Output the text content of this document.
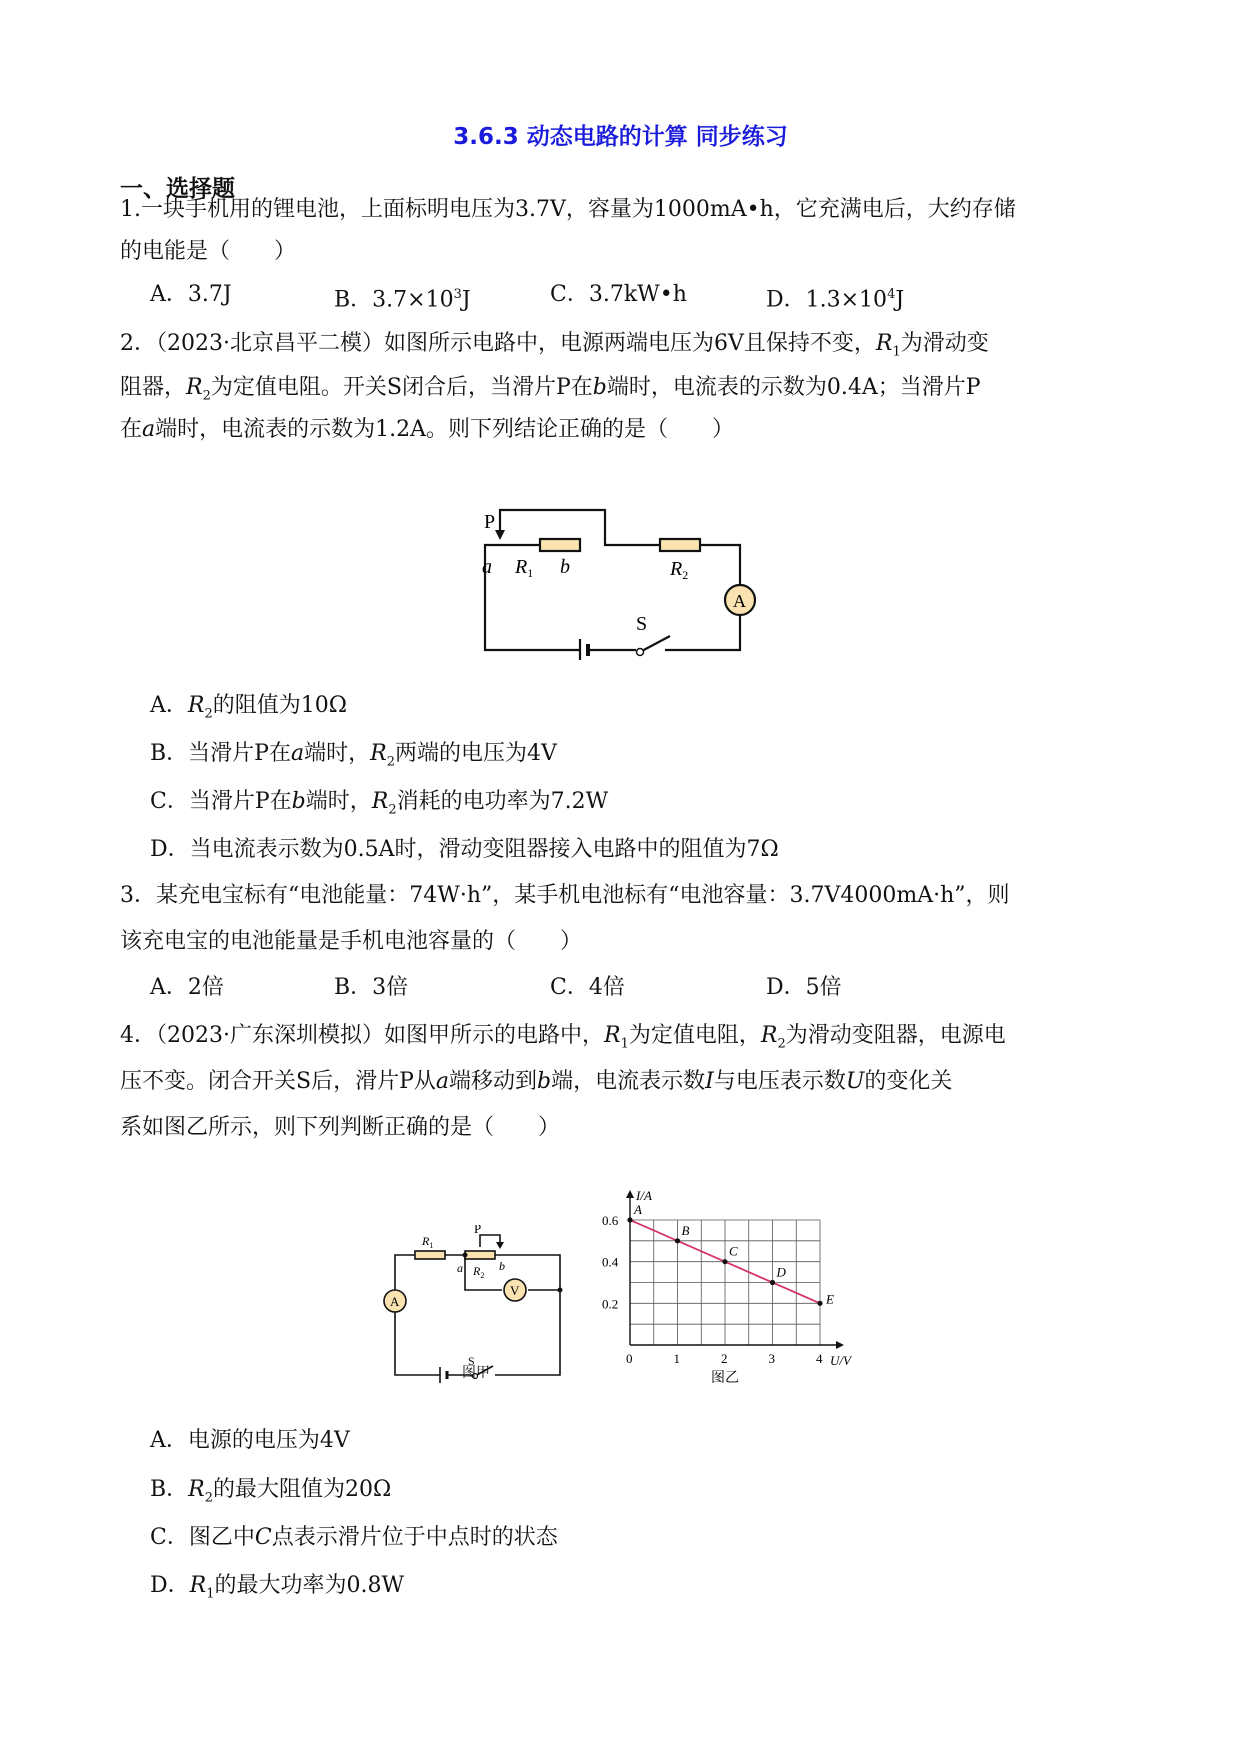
3.6.3 动态电路的计算 同步练习
一、选择题
1.一块手机用的锂电池，上面标明电压为3.7V，容量为1000mA•h，它充满电后，大约存储
的电能是（　　）
A．3.7J	B．$3.7\times 10^3J$	C．3.7kW•h	D．$1.3\times 10^4J$
2．（2023·北京昌平二模）如图所示电路中，电源两端电压为6V且保持不变，$R_1$为滑动变
阻器，$R_2$为定值电阻。开关S闭合后，当滑片P在b端时，电流表的示数为0.4A；当滑片P
在a端时，电流表的示数为1.2A。则下列结论正确的是（　　）
P
a $R_1$ b	$R_2$
A
S
A．$R_2$的阻值为10Ω
B．当滑片P在a端时，$R_2$两端的电压为4V
C．当滑片P在b端时，$R_2$消耗的电功率为7.2W
D．当电流表示数为0.5A时，滑动变阻器接入电路中的阻值为7Ω
3．某充电宝标有“电池能量：74W·h”，某手机电池标有“电池容量：3.7V4000mA·h”，则
该充电宝的电池能量是手机电池容量的（　　）
A．2倍	B．3倍	C．4倍	D．5倍
4．（2023·广东深圳模拟）如图甲所示的电路中，$R_1$为定值电阻，$R_2$为滑动变阻器，电源电
压不变。闭合开关S后，滑片P从a端移动到b端，电流表示数I与电压表示数U的变化关
系如图乙所示，则下列判断正确的是（　　）
$R_1$
P
a $R_2$
b
A
V
S
图甲
0	1	2	3	4
0.2
0.4
0.6
U/V
I/A
A
B
C
D
E
图乙
A．电源的电压为4V
B．$R_2$的最大阻值为20Ω
C．图乙中C点表示滑片位于中点时的状态
D．$R_1$的最大功率为0.8W
